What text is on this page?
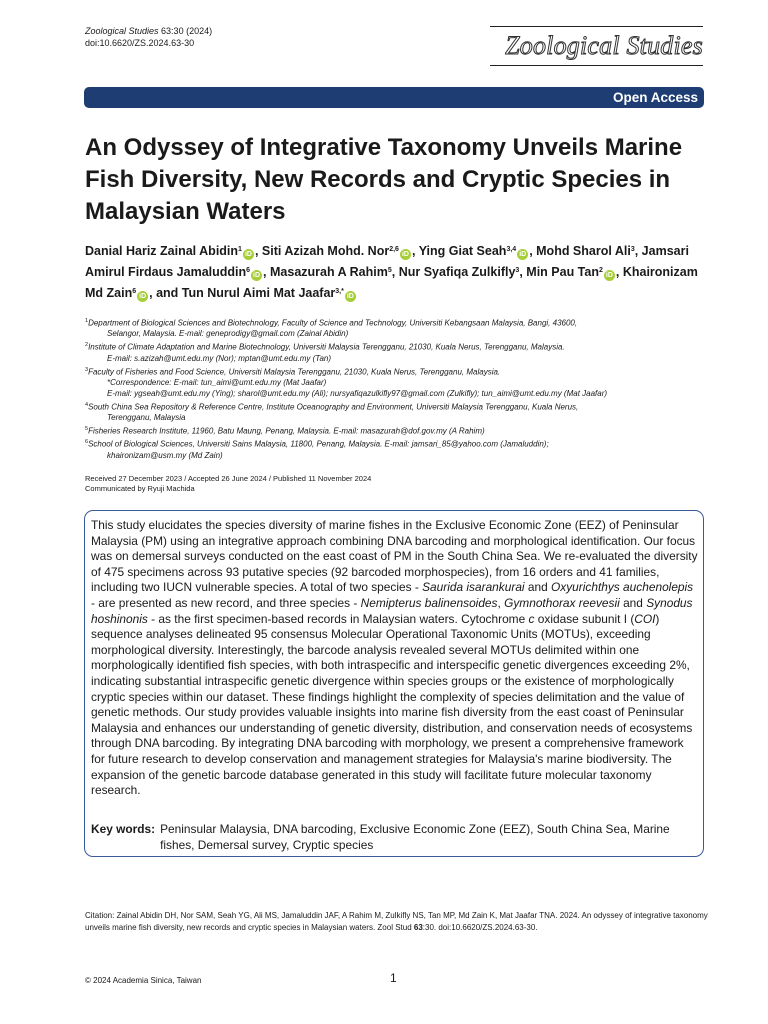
Zoological Studies 63:30 (2024)
doi:10.6620/ZS.2024.63-30	Zoological Studies
Open Access
An Odyssey of Integrative Taxonomy Unveils Marine Fish Diversity, New Records and Cryptic Species in Malaysian Waters
Danial Hariz Zainal Abidin$^1$iD , Siti Azizah Mohd. Nor$^{2,6}$iD , Ying Giat Seah$^{3,4}$iD , Mohd Sharol Ali$^3$, Jamsari Amirul Firdaus Jamaluddin$^6$iD , Masazurah A Rahim$^5$, Nur Syafiqa Zulkifly$^3$, Min Pau Tan$^2$iD , Khaironizam Md Zain$^6$iD , and Tun Nurul Aimi Mat Jaafar$^{3,*}$iD
$^1$Department of Biological Sciences and Biotechnology, Faculty of Science and Technology, Universiti Kebangsaan Malaysia, Bangi, 43600,
Selangor, Malaysia. E-mail: geneprodigy@gmail.com (Zainal Abidin)
$^2$Institute of Climate Adaptation and Marine Biotechnology, Universiti Malaysia Terengganu, 21030, Kuala Nerus, Terengganu, Malaysia.
E-mail: s.azizah@umt.edu.my (Nor); mptan@umt.edu.my (Tan)
$^3$Faculty of Fisheries and Food Science, Universiti Malaysia Terengganu, 21030, Kuala Nerus, Terengganu, Malaysia.
*Correspondence: E-mail: tun_aimi@umt.edu.my (Mat Jaafar)
E-mail: ygseah@umt.edu.my (Ying); sharol@umt.edu.my (Ali); nursyafiqazulkifly97@gmail.com (Zulkifly); tun_aimi@umt.edu.my (Mat Jaafar)
$^4$South China Sea Repository & Reference Centre, Institute Oceanography and Environment, Universiti Malaysia Terengganu, Kuala Nerus,
Terengganu, Malaysia
$^5$Fisheries Research Institute, 11960, Batu Maung, Penang, Malaysia. E-mail: masazurah@dof.gov.my (A Rahim)
$^6$School of Biological Sciences, Universiti Sains Malaysia, 11800, Penang, Malaysia. E-mail: jamsari_85@yahoo.com (Jamaluddin);
khaironizam@usm.my (Md Zain)
Received 27 December 2023 / Accepted 26 June 2024 / Published 11 November 2024
Communicated by Ryuji Machida
This study elucidates the species diversity of marine fishes in the Exclusive Economic Zone (EEZ) of Peninsular Malaysia (PM) using an integrative approach combining DNA barcoding and morphological identification. Our focus was on demersal surveys conducted on the east coast of PM in the South China Sea. We re-evaluated the diversity of 475 specimens across 93 putative species (92 barcoded morphospecies), from 16 orders and 41 families, including two IUCN vulnerable species. A total of two species - Saurida isarankurai and Oxyurichthys auchenolepis - are presented as new record, and three species - Nemipterus balinensoides, Gymnothorax reevesii and Synodus hoshinonis - as the first specimen-based records in Malaysian waters. Cytochrome c oxidase subunit I (COI) sequence analyses delineated 95 consensus Molecular Operational Taxonomic Units (MOTUs), exceeding morphological diversity. Interestingly, the barcode analysis revealed several MOTUs delimited within one morphologically identified fish species, with both intraspecific and interspecific genetic divergences exceeding 2%, indicating substantial intraspecific genetic divergence within species groups or the existence of morphologically cryptic species within our dataset. These findings highlight the complexity of species delimitation and the value of genetic methods. Our study provides valuable insights into marine fish diversity from the east coast of Peninsular Malaysia and enhances our understanding of genetic diversity, distribution, and conservation needs of ecosystems through DNA barcoding. By integrating DNA barcoding with morphology, we present a comprehensive framework for future research to develop conservation and management strategies for Malaysia's marine biodiversity. The expansion of the genetic barcode database generated in this study will facilitate future molecular taxonomy research.
Key words: Peninsular Malaysia, DNA barcoding, Exclusive Economic Zone (EEZ), South China Sea, Marine fishes, Demersal survey, Cryptic species
Citation: Zainal Abidin DH, Nor SAM, Seah YG, Ali MS, Jamaluddin JAF, A Rahim M, Zulkifly NS, Tan MP, Md Zain K, Mat Jaafar TNA. 2024. An odyssey of integrative taxonomy unveils marine fish diversity, new records and cryptic species in Malaysian waters. Zool Stud 63:30. doi:10.6620/ZS.2024.63-30.
© 2024 Academia Sinica, Taiwan	1
